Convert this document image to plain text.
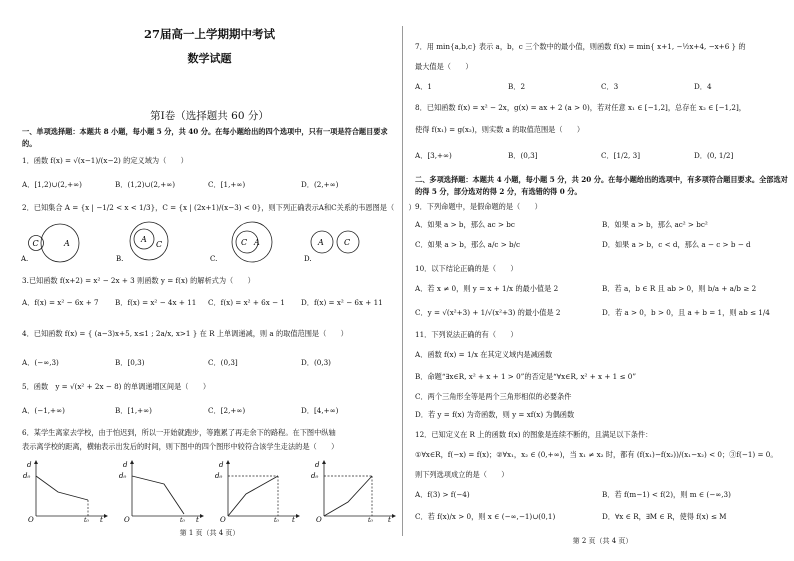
27届高一上学期期中考试
数学试题
第Ⅰ卷（选择题共 60 分）
一、单项选择题：本题共 8 小题，每小题 5 分，共 40 分。在每小题给出的四个选项中，只有一项是符合题目要求的。
1．函数 f(x) = √(x−1)/(x−2) 的定义域为（　　）
A．[1,2)∪(2,+∞)	B．(1,2)∪(2,+∞)	C．[1,+∞)	D．(2,+∞)
2．已知集合 A = {x | −1/2 < x < 1/3}，C = {x | (2x+1)/(x−3) < 0}，则下列正确表示A和C关系的韦恩图是（　　）
C	A
A.
A
C
B.
C A
C.
A	C
D.
3.已知函数 f(x+2) = x² − 2x + 3 则函数 y = f(x) 的解析式为（　　）
A．f(x) = x² − 6x + 7	B．f(x) = x² − 4x + 11	C．f(x) = x² + 6x − 1	D．f(x) = x² − 6x + 11
4．已知函数 f(x) = { (a−3)x+5, x≤1 ; 2a/x, x>1 } 在 R 上单调递减，则 a 的取值范围是（　　）
A．(−∞,3)	B．[0,3)	C．(0,3]	D．(0,3)
5．函数　y = √(x² + 2x − 8) 的单调递增区间是（　　）
A．(−1,+∞)	B．[1,+∞)	C．[2,+∞)	D．[4,+∞)
6．某学生离家去学校，由于怕迟到，所以一开始就跑步，等跑累了再走余下的路程。在下图中纵轴
表示离学校的距离，横轴表示出发后的时间，则下图中的四个图形中较符合该学生走法的是（　　）
d
d₀
O	t₀ t
d
d₀
O	t₀ t
d
d₀
O	t₀ t
d
d₀
O	t₀ t
第 1 页（共 4 页）
7．用 min{a,b,c} 表示 a，b，c 三个数中的最小值，则函数 f(x) = min{ x+1, −½x+4, −x+6 } 的
最大值是（　　）
A．1	B．2	C．3	D．4
8．已知函数 f(x) = x² − 2x，g(x) = ax + 2 (a > 0)，若对任意 x₁ ∈ [−1,2]，总存在 x₂ ∈ [−1,2]，
使得 f(x₁) = g(x₂)，则实数 a 的取值范围是（　　）
A．[3,+∞)	B．(0,3]	C．[1/2, 3]	D．(0, 1/2]
二、多项选择题：本题共 4 小题，每小题 5 分，共 20 分。在每小题给出的选项中，有多项符合题目要求。全部选对的得 5 分，部分选对的得 2 分，有选错的得 0 分。
9．下列命题中，是假命题的是（　　）
A．如果 a > b，那么 ac > bc	B．如果 a > b，那么 ac² > bc²
C．如果 a > b，那么 a/c > b/c	D．如果 a > b，c < d，那么 a − c > b − d
10．以下结论正确的是（　　）
A．若 x ≠ 0，则 y = x + 1/x 的最小值是 2	B．若 a，b ∈ R 且 ab > 0，则 b/a + a/b ≥ 2
C．y = √(x²+3) + 1/√(x²+3) 的最小值是 2	D．若 a > 0，b > 0，且 a + b = 1，则 ab ≤ 1/4
11．下列说法正确的有（　　）
A．函数 f(x) = 1/x 在其定义域内是减函数
B．命题“∃x∈R, x² + x + 1 > 0”的否定是“∀x∈R, x² + x + 1 ≤ 0”
C．两个三角形全等是两个三角形相似的必要条件
D．若 y = f(x) 为奇函数，则 y = xf(x) 为偶函数
12．已知定义在 R 上的函数 f(x) 的图象是连续不断的，且满足以下条件：
①∀x∈R，f(−x) = f(x)；②∀x₁，x₂ ∈ (0,+∞)，当 x₁ ≠ x₂ 时，都有 (f(x₁)−f(x₂))/(x₁−x₂) < 0；③f(−1) = 0。
则下列选项成立的是（　　）
A．f(3) > f(−4)	B．若 f(m−1) < f(2)，则 m ∈ (−∞,3)
C．若 f(x)/x > 0，则 x ∈ (−∞,−1)∪(0,1)	D．∀x ∈ R，∃M ∈ R，使得 f(x) ≤ M
第 2 页（共 4 页）
